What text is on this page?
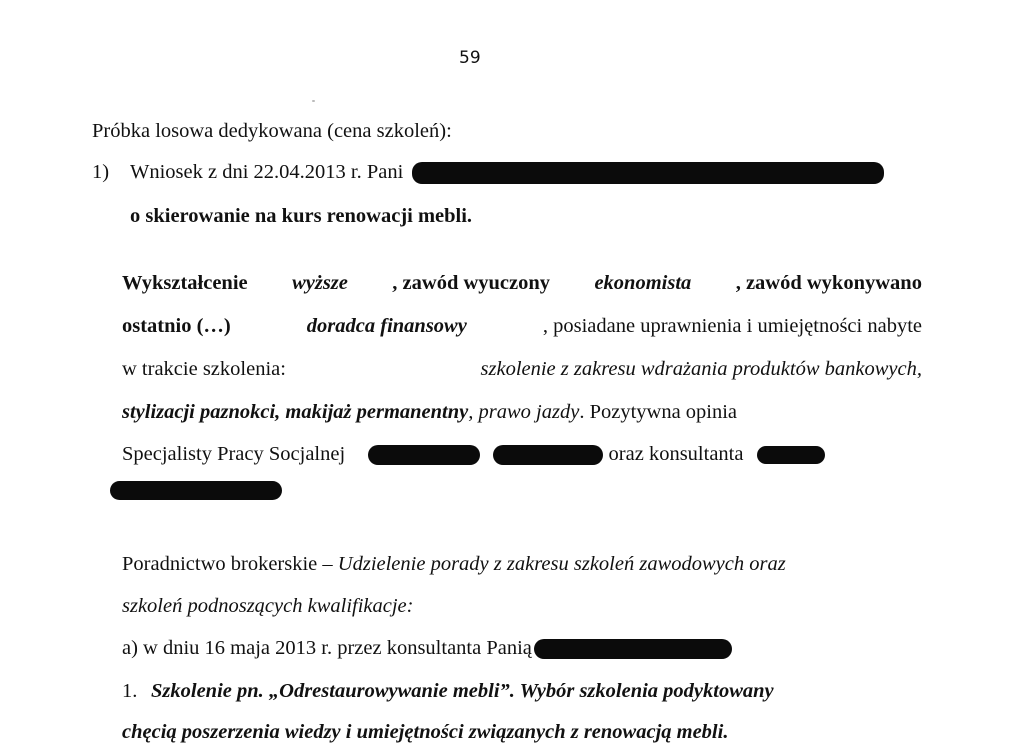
59
Próbka losowa dedykowana (cena szkoleń):
1) Wniosek z dni 22.04.2013 r. Pani
o skierowanie na kurs renowacji mebli.
Wykształcenie wyższe , zawód wyuczony ekonomista , zawód wykonywano
ostatnio (…)	doradca finansowy	, posiadane uprawnienia i umiejętności nabyte
w trakcie szkolenia:	szkolenie z zakresu wdrażania produktów bankowych,
stylizacji paznokci, makijaż permanentny, prawo jazdy. Pozytywna opinia
Specjalisty Pracy Socjalnej	oraz konsultanta
Poradnictwo brokerskie – Udzielenie porady z zakresu szkoleń zawodowych oraz
szkoleń podnoszących kwalifikacje:
a) w dniu 16 maja 2013 r. przez konsultanta Panią
1. Szkolenie pn. „Odrestaurowywanie mebli”. Wybór szkolenia podyktowany
chęcią poszerzenia wiedzy i umiejętności związanych z renowacją mebli.
